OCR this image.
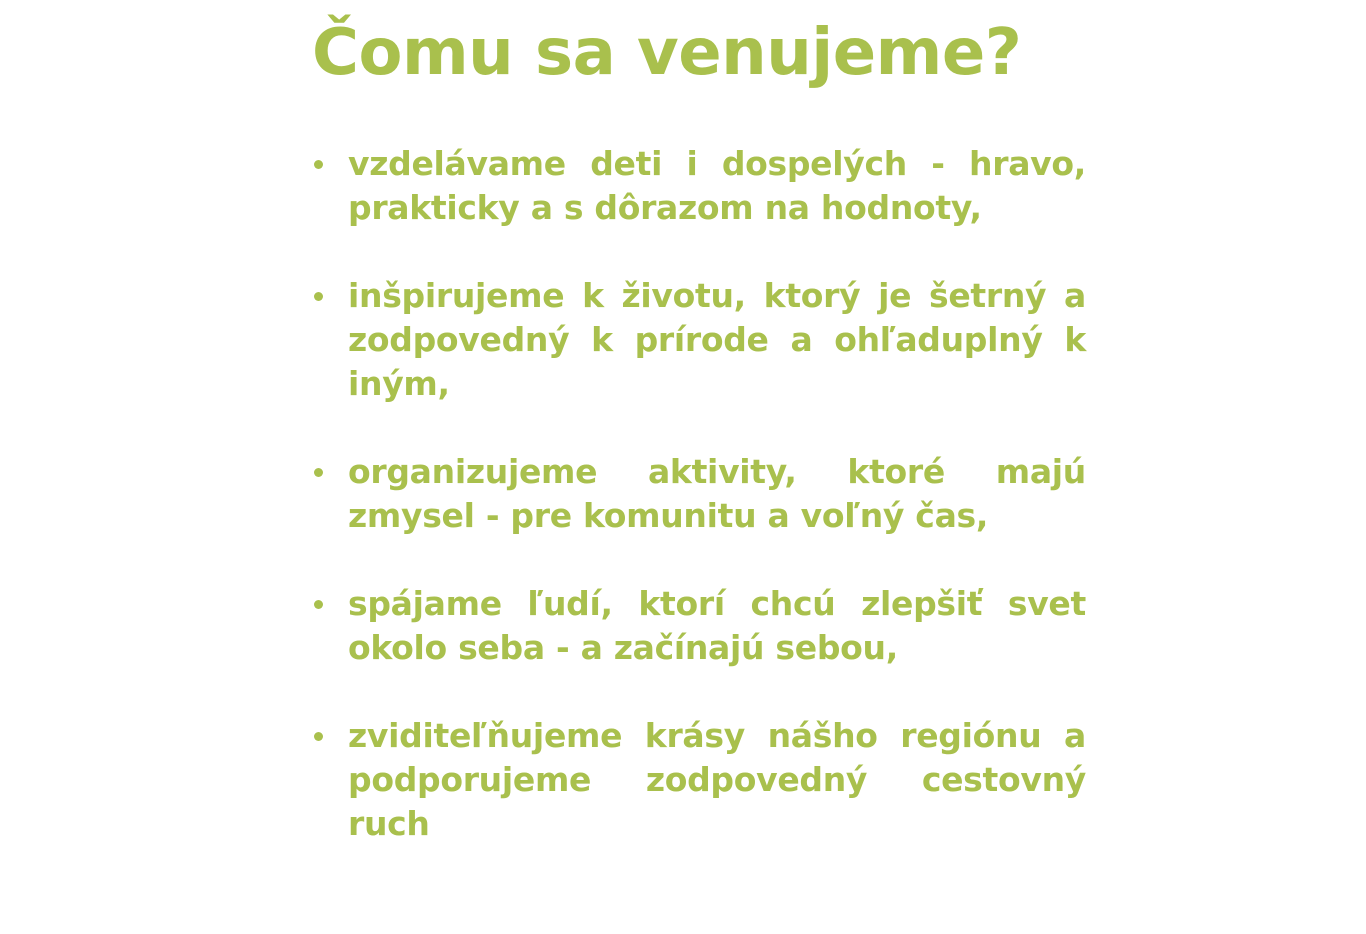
Čomu sa venujeme?
vzdelávame deti i dospelých - hravo, prakticky a s dôrazom na hodnoty,
inšpirujeme k životu, ktorý je šetrný a zodpovedný k prírode a ohľaduplný k iným,
organizujeme aktivity, ktoré majú zmysel - pre komunitu a voľný čas,
spájame ľudí, ktorí chcú zlepšiť svet okolo seba - a začínajú sebou,
zviditeľňujeme krásy nášho regiónu a podporujeme zodpovedný cestovný ruch
